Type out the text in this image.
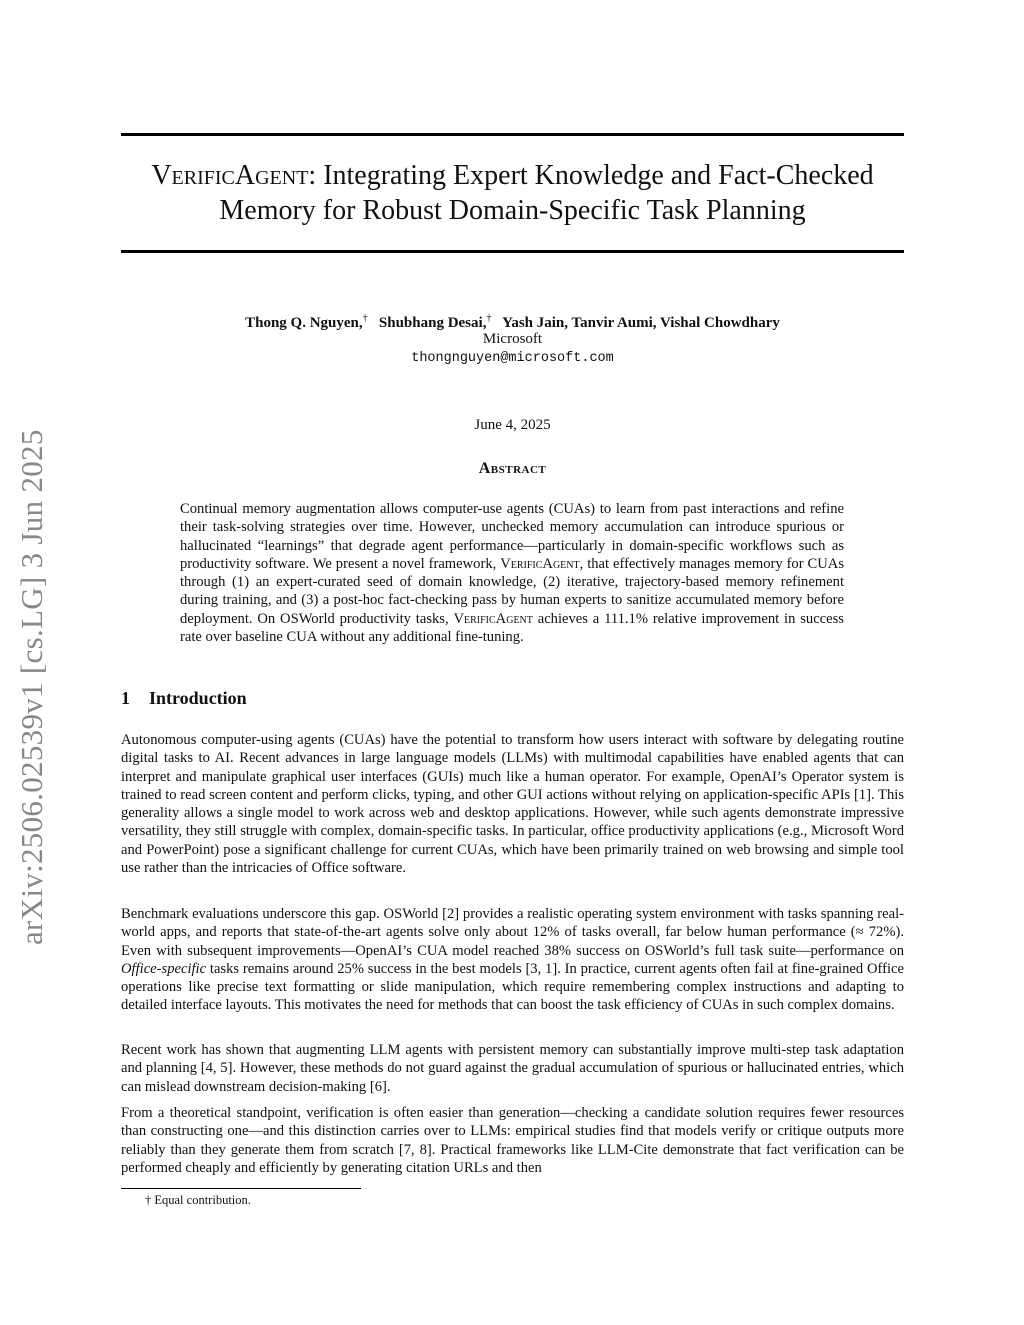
arXiv:2506.02539v1 [cs.LG] 3 Jun 2025
VerificAgent: Integrating Expert Knowledge and Fact-Checked
Memory for Robust Domain-Specific Task Planning
Thong Q. Nguyen,† Shubhang Desai,† Yash Jain, Tanvir Aumi, Vishal Chowdhary
Microsoft
thongnguyen@microsoft.com
June 4, 2025
Abstract
Continual memory augmentation allows computer-use agents (CUAs) to learn from past interactions and refine their task-solving strategies over time. However, unchecked memory accumulation can introduce spurious or hallucinated “learnings” that degrade agent performance—particularly in domain-specific workflows such as productivity software. We present a novel framework, VerificAgent, that effectively manages memory for CUAs through (1) an expert-curated seed of domain knowledge, (2) iterative, trajectory-based memory refinement during training, and (3) a post-hoc fact-checking pass by human experts to sanitize accumulated memory before deployment. On OSWorld productivity tasks, VerificAgent achieves a 111.1% relative improvement in success rate over baseline CUA without any additional fine-tuning.
1 Introduction
Autonomous computer-using agents (CUAs) have the potential to transform how users interact with software by delegating routine digital tasks to AI. Recent advances in large language models (LLMs) with multimodal capabilities have enabled agents that can interpret and manipulate graphical user interfaces (GUIs) much like a human operator. For example, OpenAI’s Operator system is trained to read screen content and perform clicks, typing, and other GUI actions without relying on application-specific APIs [1]. This generality allows a single model to work across web and desktop applications. However, while such agents demonstrate impressive versatility, they still struggle with complex, domain-specific tasks. In particular, office productivity applications (e.g., Microsoft Word and PowerPoint) pose a significant challenge for current CUAs, which have been primarily trained on web browsing and simple tool use rather than the intricacies of Office software.
Benchmark evaluations underscore this gap. OSWorld [2] provides a realistic operating system environment with tasks spanning real-world apps, and reports that state-of-the-art agents solve only about 12% of tasks overall, far below human performance (≈ 72%). Even with subsequent improvements—OpenAI’s CUA model reached 38% success on OSWorld’s full task suite—performance on Office-specific tasks remains around 25% success in the best models [3, 1]. In practice, current agents often fail at fine-grained Office operations like precise text formatting or slide manipulation, which require remembering complex instructions and adapting to detailed interface layouts. This motivates the need for methods that can boost the task efficiency of CUAs in such complex domains.
Recent work has shown that augmenting LLM agents with persistent memory can substantially improve multi-step task adaptation and planning [4, 5]. However, these methods do not guard against the gradual accumulation of spurious or hallucinated entries, which can mislead downstream decision-making [6].
From a theoretical standpoint, verification is often easier than generation—checking a candidate solution requires fewer resources than constructing one—and this distinction carries over to LLMs: empirical studies find that models verify or critique outputs more reliably than they generate them from scratch [7, 8]. Practical frameworks like LLM-Cite demonstrate that fact verification can be performed cheaply and efficiently by generating citation URLs and then
† Equal contribution.
